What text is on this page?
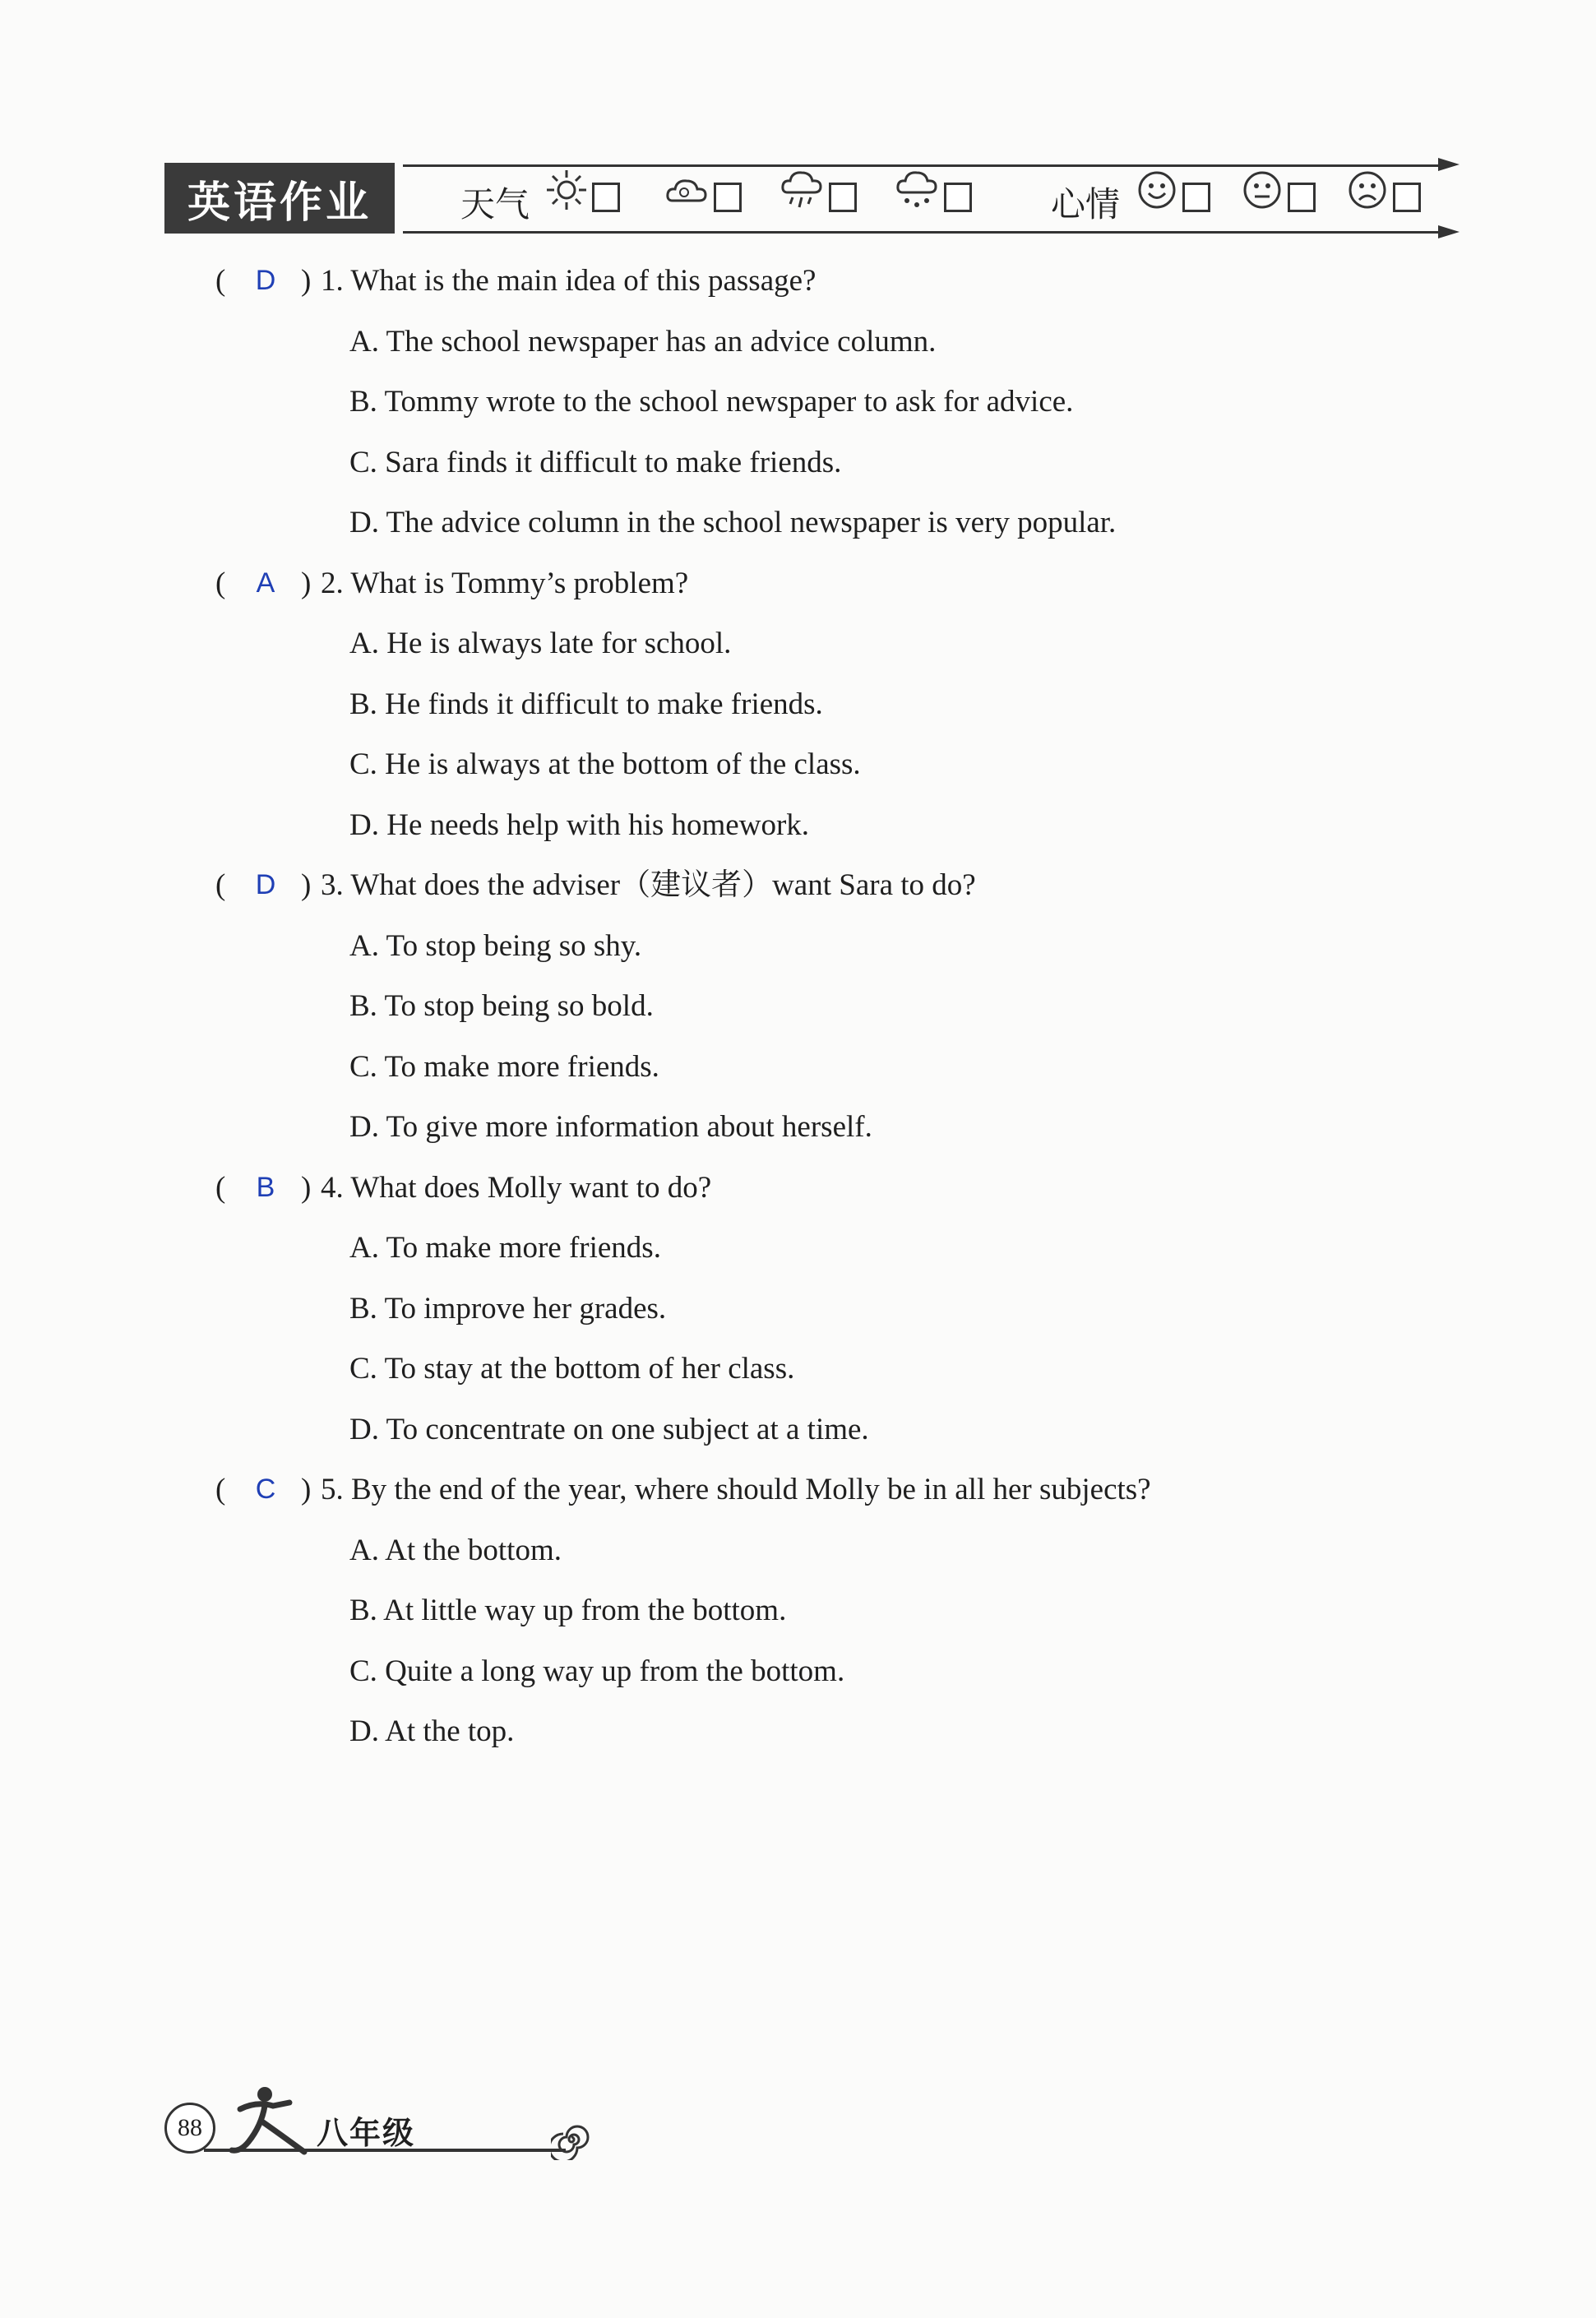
英语作业	天气	心情
( D ) 1. What is the main idea of this passage?
A. The school newspaper has an advice column.
B. Tommy wrote to the school newspaper to ask for advice.
C. Sara finds it difficult to make friends.
D. The advice column in the school newspaper is very popular.
( A ) 2. What is Tommy’s problem?
A. He is always late for school.
B. He finds it difficult to make friends.
C. He is always at the bottom of the class.
D. He needs help with his homework.
( D ) 3. What does the adviser（建议者）want Sara to do?
A. To stop being so shy.
B. To stop being so bold.
C. To make more friends.
D. To give more information about herself.
( B ) 4. What does Molly want to do?
A. To make more friends.
B. To improve her grades.
C. To stay at the bottom of her class.
D. To concentrate on one subject at a time.
( C ) 5. By the end of the year, where should Molly be in all her subjects?
A. At the bottom.
B. At little way up from the bottom.
C. Quite a long way up from the bottom.
D. At the top.
88	八年级
